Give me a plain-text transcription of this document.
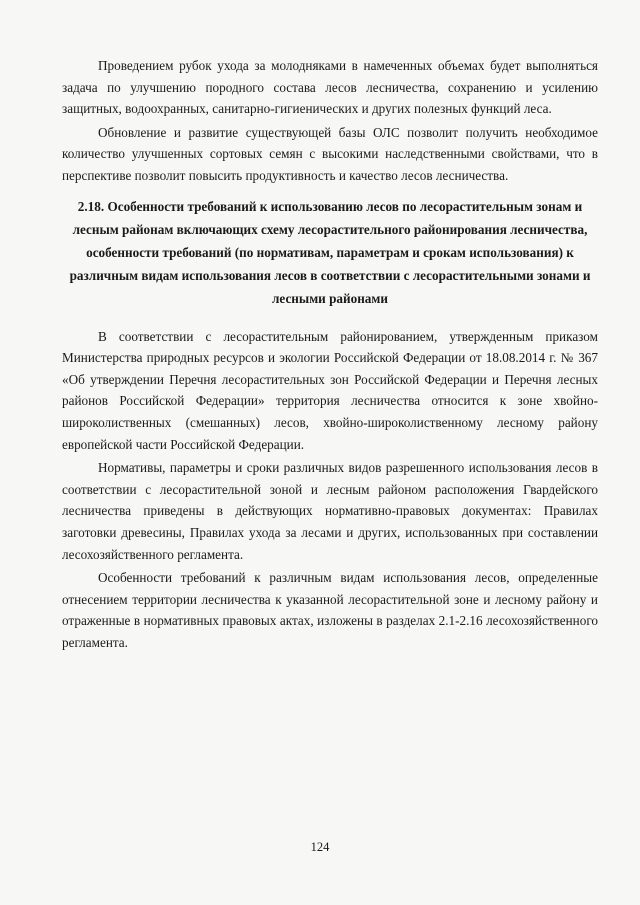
Проведением рубок ухода за молодняками в намеченных объемах будет выполняться задача по улучшению породного состава лесов лесничества, сохранению и усилению защитных, водоохранных, санитарно-гигиенических и других полезных функций леса.

Обновление и развитие существующей базы ОЛС позволит получить необходимое количество улучшенных сортовых семян с высокими наследственными свойствами, что в перспективе позволит повысить продуктивность и качество лесов лесничества.

2.18. Особенности требований к использованию лесов по лесорастительным зонам и лесным районам включающих схему лесорастительного районирования лесничества, особенности требований (по нормативам, параметрам и срокам использования) к различным видам использования лесов в соответствии с лесорастительными зонами и лесными районами

В соответствии с лесорастительным районированием, утвержденным приказом Министерства природных ресурсов и экологии Российской Федерации от 18.08.2014 г. № 367 «Об утверждении Перечня лесорастительных зон Российской Федерации и Перечня лесных районов Российской Федерации» территория лесничества относится к зоне хвойно-широколиственных (смешанных) лесов, хвойно-широколиственному лесному району европейской части Российской Федерации.

Нормативы, параметры и сроки различных видов разрешенного использования лесов в соответствии с лесорастительной зоной и лесным районом расположения Гвардейского лесничества приведены в действующих нормативно-правовых документах: Правилах заготовки древесины, Правилах ухода за лесами и других, использованных при составлении лесохозяйственного регламента.

Особенности требований к различным видам использования лесов, определенные отнесением территории лесничества к указанной лесорастительной зоне и лесному району и отраженные в нормативных правовых актах, изложены в разделах 2.1-2.16 лесохозяйственного регламента.

124
